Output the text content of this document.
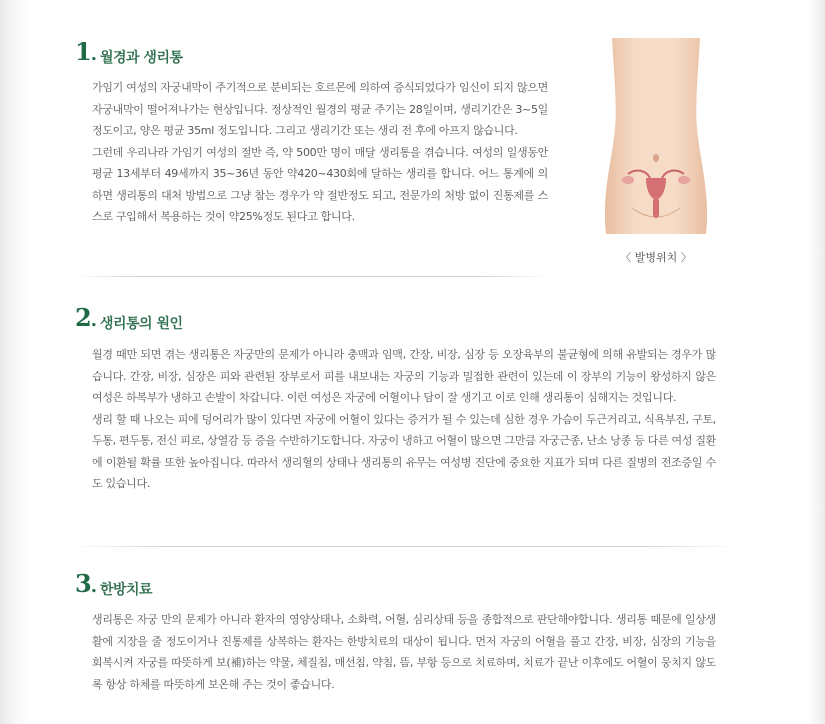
1. 월경과 생리통

가임기 여성의 자궁내막이 주기적으로 분비되는 호르몬에 의하여 증식되었다가 임신이 되지 않으면 자궁내막이 떨어져나가는 현상입니다. 정상적인 월경의 평균 주기는 28일이며, 생리기간은 3~5일정도이고, 양은 평균 35ml 정도입니다. 그리고 생리기간 또는 생리 전 후에 아프지 않습니다.

그런데 우리나라 가임기 여성의 절반 즉, 약 500만 명이 매달 생리통을 겪습니다. 여성의 일생동안 평균 13세부터 49세까지 35~36년 동안 약420~430회에 달하는 생리를 합니다. 어느 통계에 의하면 생리통의 대처 방법으로 그냥 참는 경우가 약 절반정도 되고, 전문가의 처방 없이 진통제를 스스로 구입해서 복용하는 것이 약25%정도 된다고 합니다.

〈 발병위치 〉
2. 생리통의 원인

월경 때만 되면 겪는 생리통은 자궁만의 문제가 아니라 충맥과 임맥, 간장, 비장, 심장 등 오장육부의 불균형에 의해 유발되는 경우가 많습니다. 간장, 비장, 심장은 피와 관련된 장부로서 피를 내보내는 자궁의 기능과 밀접한 관련이 있는데 이 장부의 기능이 왕성하지 않은 여성은 하복부가 냉하고 손발이 차갑니다. 이런 여성은 자궁에 어혈이나 담이 잘 생기고 이로 인해 생리통이 심해지는 것입니다.

생리 할 때 나오는 피에 덩어리가 많이 있다면 자궁에 어혈이 있다는 증거가 될 수 있는데 심한 경우 가슴이 두근거리고, 식욕부진, 구토, 두통, 편두통, 전신 피로, 상열감 등 증을 수반하기도합니다. 자궁이 냉하고 어혈이 많으면 그만큼 자궁근종, 난소 낭종 등 다른 여성 질환에 이환될 확률 또한 높아집니다. 따라서 생리혈의 상태나 생리통의 유무는 여성병 진단에 중요한 지표가 되며 다른 질병의 전조증일 수도 있습니다.

3. 한방치료

생리통은 자궁 만의 문제가 아니라 환자의 영양상태나, 소화력, 어혈, 심리상태 등을 종합적으로 판단해야합니다. 생리통 때문에 일상생활에 지장을 줄 정도이거나 진통제를 상복하는 환자는 한방치료의 대상이 됩니다. 먼저 자궁의 어혈을 풀고 간장, 비장, 심장의 기능을 회복시켜 자궁를 따뜻하게 보(補)하는 약물, 체질침, 매선침, 약침, 뜸, 부항 등으로 치료하며, 치료가 끝난 이후에도 어혈이 뭉치지 않도록 항상 하체를 따뜻하게 보온해 주는 것이 좋습니다.
